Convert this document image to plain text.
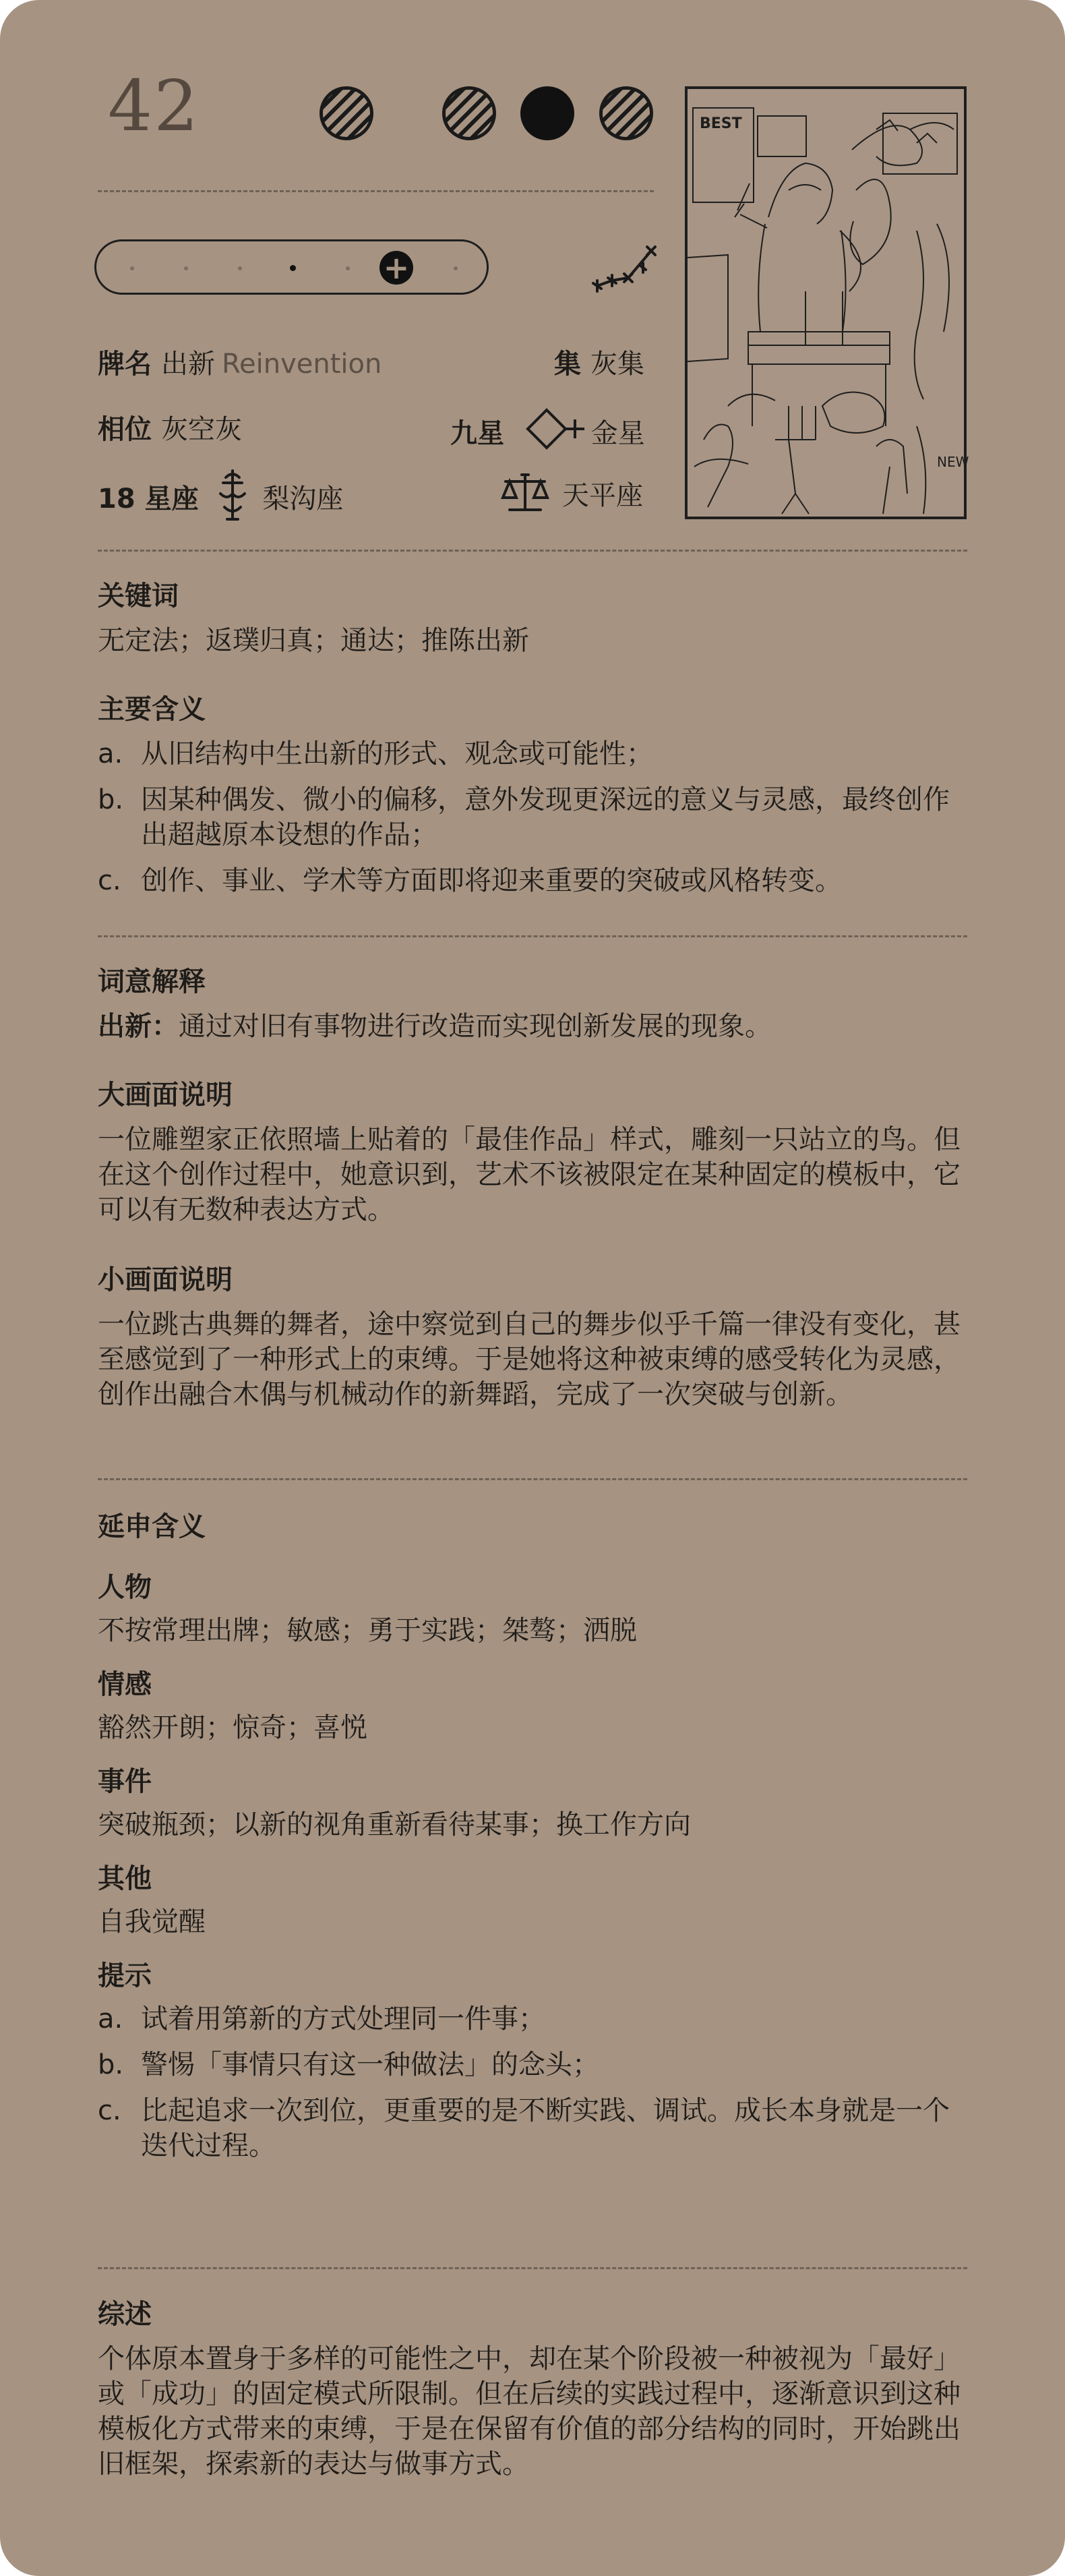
42
+
牌名 出新 Reinvention	集 灰集
相位 灰空灰	九星	金星
18 星座 梨沟座	天平座
BEST
NEW

关键词

无定法；返璞归真；通达；推陈出新

主要含义

a. 从旧结构中生出新的形式、观念或可能性；
b. 因某种偶发、微小的偏移，意外发现更深远的意义与灵感，最终创作出超越原本设想的作品；
c. 创作、事业、学术等方面即将迎来重要的突破或风格转变。

词意解释

出新：通过对旧有事物进行改造而实现创新发展的现象。

大画面说明

一位雕塑家正依照墙上贴着的「最佳作品」样式，雕刻一只站立的鸟。但在这个创作过程中，她意识到，艺术不该被限定在某种固定的模板中，它可以有无数种表达方式。

小画面说明

一位跳古典舞的舞者，途中察觉到自己的舞步似乎千篇一律没有变化，甚至感觉到了一种形式上的束缚。于是她将这种被束缚的感受转化为灵感，创作出融合木偶与机械动作的新舞蹈，完成了一次突破与创新。

延申含义

人物

不按常理出牌；敏感；勇于实践；桀骜；洒脱

情感

豁然开朗；惊奇；喜悦

事件

突破瓶颈；以新的视角重新看待某事；换工作方向

其他

自我觉醒

提示

a. 试着用第新的方式处理同一件事；
b. 警惕「事情只有这一种做法」的念头；
c. 比起追求一次到位，更重要的是不断实践、调试。成长本身就是一个迭代过程。

综述

个体原本置身于多样的可能性之中，却在某个阶段被一种被视为「最好」或「成功」的固定模式所限制。但在后续的实践过程中，逐渐意识到这种模板化方式带来的束缚，于是在保留有价值的部分结构的同时，开始跳出旧框架，探索新的表达与做事方式。
